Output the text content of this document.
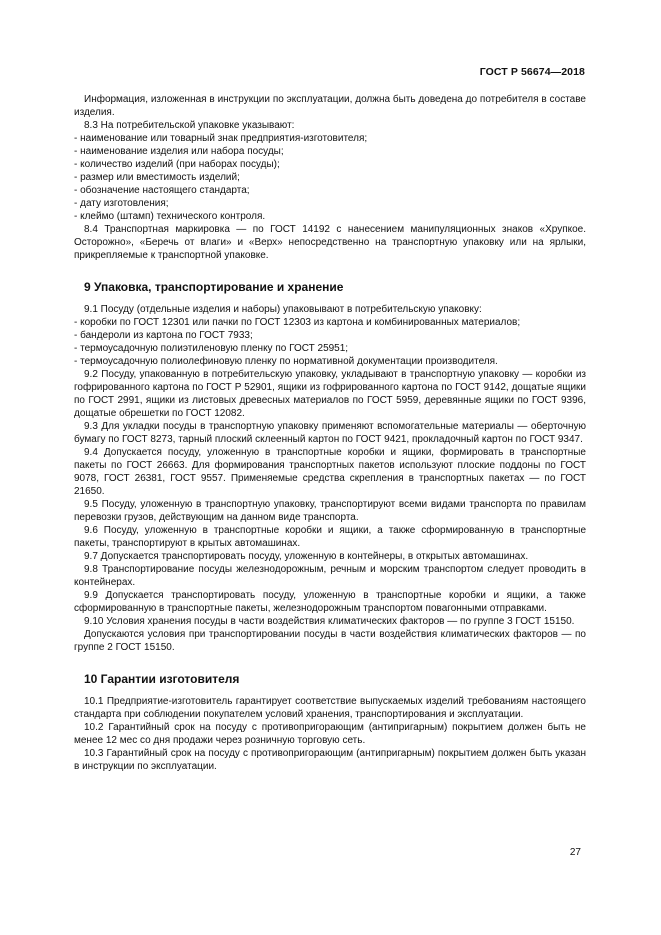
ГОСТ Р 56674—2018

Информация, изложенная в инструкции по эксплуатации, должна быть доведена до потребителя в составе изделия.

8.3 На потребительской упаковке указывают:

- наименование или товарный знак предприятия-изготовителя;

- наименование изделия или набора посуды;

- количество изделий (при наборах посуды);

- размер или вместимость изделий;

- обозначение настоящего стандарта;

- дату изготовления;

- клеймо (штамп) технического контроля.

8.4 Транспортная маркировка — по ГОСТ 14192 с нанесением манипуляционных знаков «Хрупкое. Осторожно», «Беречь от влаги» и «Верх» непосредственно на транспортную упаковку или на ярлыки, прикрепляемые к транспортной упаковке.

9 Упаковка, транспортирование и хранение

9.1 Посуду (отдельные изделия и наборы) упаковывают в потребительскую упаковку:

- коробки по ГОСТ 12301 или пачки по ГОСТ 12303 из картона и комбинированных материалов;

- бандероли из картона по ГОСТ 7933;

- термоусадочную полиэтиленовую пленку по ГОСТ 25951;

- термоусадочную полиолефиновую пленку по нормативной документации производителя.

9.2 Посуду, упакованную в потребительскую упаковку, укладывают в транспортную упаковку — коробки из гофрированного картона по ГОСТ Р 52901, ящики из гофрированного картона по ГОСТ 9142, дощатые ящики по ГОСТ 2991, ящики из листовых древесных материалов по ГОСТ 5959, деревянные ящики по ГОСТ 9396, дощатые обрешетки по ГОСТ 12082.

9.3 Для укладки посуды в транспортную упаковку применяют вспомогательные материалы — оберточную бумагу по ГОСТ 8273, тарный плоский склеенный картон по ГОСТ 9421, прокладочный картон по ГОСТ 9347.

9.4 Допускается посуду, уложенную в транспортные коробки и ящики, формировать в транспортные пакеты по ГОСТ 26663. Для формирования транспортных пакетов используют плоские поддоны по ГОСТ 9078, ГОСТ 26381, ГОСТ 9557. Применяемые средства скрепления в транспортных пакетах — по ГОСТ 21650.

9.5 Посуду, уложенную в транспортную упаковку, транспортируют всеми видами транспорта по правилам перевозки грузов, действующим на данном виде транспорта.

9.6 Посуду, уложенную в транспортные коробки и ящики, а также сформированную в транспортные пакеты, транспортируют в крытых автомашинах.

9.7 Допускается транспортировать посуду, уложенную в контейнеры, в открытых автомашинах.

9.8 Транспортирование посуды железнодорожным, речным и морским транспортом следует проводить в контейнерах.

9.9 Допускается транспортировать посуду, уложенную в транспортные коробки и ящики, а также сформированную в транспортные пакеты, железнодорожным транспортом повагонными отправками.

9.10 Условия хранения посуды в части воздействия климатических факторов — по группе 3 ГОСТ 15150.

Допускаются условия при транспортировании посуды в части воздействия климатических факторов — по группе 2 ГОСТ 15150.

10 Гарантии изготовителя

10.1 Предприятие-изготовитель гарантирует соответствие выпускаемых изделий требованиям настоящего стандарта при соблюдении покупателем условий хранения, транспортирования и эксплуатации.

10.2 Гарантийный срок на посуду с противопригорающим (антипригарным) покрытием должен быть не менее 12 мес со дня продажи через розничную торговую сеть.

10.3 Гарантийный срок на посуду с противопригорающим (антипригарным) покрытием должен быть указан в инструкции по эксплуатации.

27
